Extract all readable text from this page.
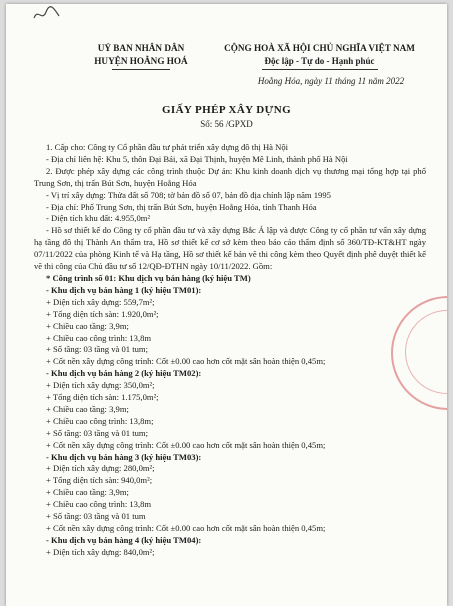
UỶ BAN NHÂN DÂN
HUYỆN HOẰNG HOÁ
CỘNG HOÀ XÃ HỘI CHỦ NGHĨA VIỆT NAM
Độc lập - Tự do - Hạnh phúc
Hoằng Hóa, ngày 11 tháng 11 năm 2022
GIẤY PHÉP XÂY DỰNG
Số: 56 /GPXD

1. Cấp cho: Công ty Cổ phần đầu tư phát triển xây dựng đô thị Hà Nội

- Địa chỉ liên hệ: Khu 5, thôn Đại Bái, xã Đại Thịnh, huyện Mê Linh, thành phố Hà Nội

2. Được phép xây dựng các công trình thuộc Dự án: Khu kinh doanh dịch vụ thương mại tổng hợp tại phố Trung Sơn, thị trấn Bút Sơn, huyện Hoằng Hóa

- Vị trí xây dựng: Thửa đất số 708; tờ bản đồ số 07, bản đồ địa chính lập năm 1995

- Địa chỉ: Phố Trung Sơn, thị trấn Bút Sơn, huyện Hoằng Hóa, tỉnh Thanh Hóa

- Diện tích khu đất: 4.955,0m²

- Hồ sơ thiết kế do Công ty cổ phần đầu tư và xây dựng Bắc Á lập và được Công ty cổ phần tư vấn xây dựng hạ tầng đô thị Thành An thẩm tra, Hồ sơ thiết kế cơ sở kèm theo báo cáo thẩm định số 360/TĐ-KT&HT ngày 07/11/2022 của phòng Kinh tế và Hạ tầng, Hồ sơ thiết kế bản vẽ thi công kèm theo Quyết định phê duyệt thiết kế vẽ thi công của Chủ đầu tư số 12/QĐ-ĐTHN ngày 10/11/2022. Gồm:

* Công trình số 01: Khu dịch vụ bán hàng (ký hiệu TM)

- Khu dịch vụ bán hàng 1 (ký hiệu TM01):

+ Diện tích xây dựng: 559,7m²;

+ Tổng diện tích sàn: 1.920,0m²;

+ Chiều cao tầng: 3,9m;

+ Chiều cao công trình: 13,8m

+ Số tầng: 03 tầng và 01 tum;

+ Cốt nền xây dựng công trình: Cốt ±0.00 cao hơn cốt mặt sân hoàn thiện 0,45m;

- Khu dịch vụ bán hàng 2 (ký hiệu TM02):

+ Diện tích xây dựng: 350,0m²;

+ Tổng diện tích sàn: 1.175,0m²;

+ Chiều cao tầng: 3,9m;

+ Chiều cao công trình: 13,8m;

+ Số tầng: 03 tầng và 01 tum;

+ Cốt nền xây dựng công trình: Cốt ±0.00 cao hơn cốt mặt sân hoàn thiện 0,45m;

- Khu dịch vụ bán hàng 3 (ký hiệu TM03):

+ Diện tích xây dựng: 280,0m²;

+ Tổng diện tích sàn: 940,0m²;

+ Chiều cao tầng: 3,9m;

+ Chiều cao công trình: 13,8m

+ Số tầng: 03 tầng và 01 tum

+ Cốt nền xây dựng công trình: Cốt ±0.00 cao hơn cốt mặt sân hoàn thiện 0,45m;

- Khu dịch vụ bán hàng 4 (ký hiệu TM04):

+ Diện tích xây dựng: 840,0m²;
